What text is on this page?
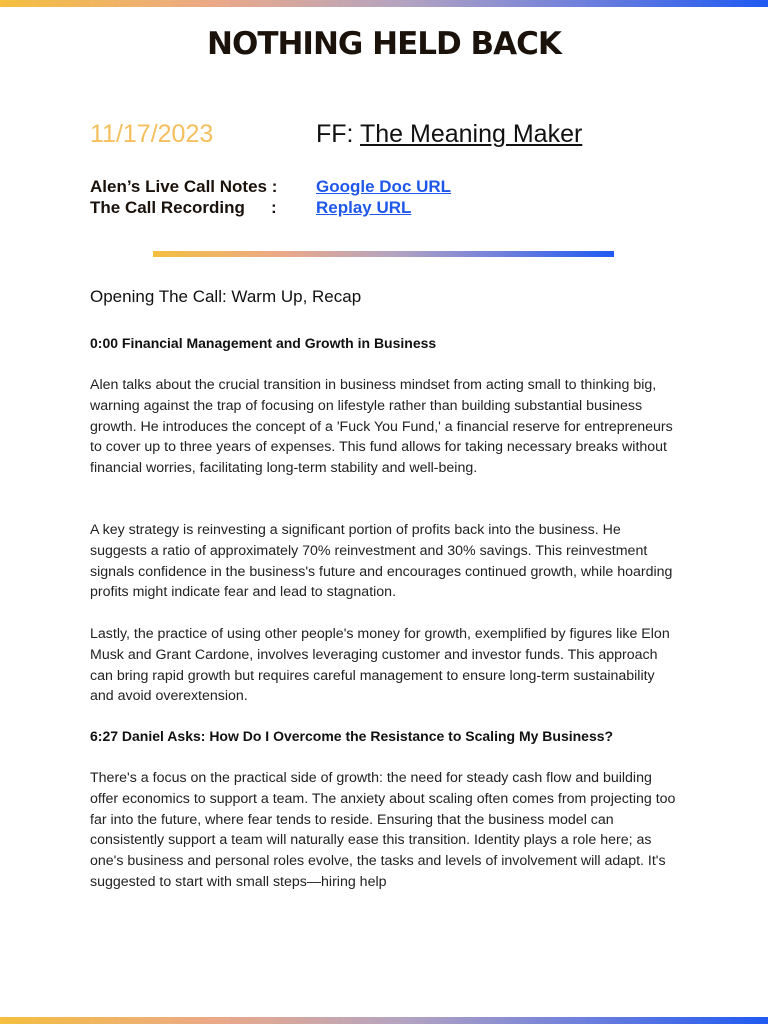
NOTHING HELD BACK
11/17/2023	FF: The Meaning Maker
Alen’s Live Call Notes : Google Doc URL
The Call Recording : Replay URL
Opening The Call: Warm Up, Recap
0:00 Financial Management and Growth in Business

Alen talks about the crucial transition in business mindset from acting small to thinking big, warning against the trap of focusing on lifestyle rather than building substantial business growth. He introduces the concept of a 'Fuck You Fund,' a financial reserve for entrepreneurs to cover up to three years of expenses. This fund allows for taking necessary breaks without financial worries, facilitating long-term stability and well-being.

A key strategy is reinvesting a significant portion of profits back into the business. He suggests a ratio of approximately 70% reinvestment and 30% savings. This reinvestment signals confidence in the business's future and encourages continued growth, while hoarding profits might indicate fear and lead to stagnation.

Lastly, the practice of using other people's money for growth, exemplified by figures like Elon Musk and Grant Cardone, involves leveraging customer and investor funds. This approach can bring rapid growth but requires careful management to ensure long-term sustainability and avoid overextension.

6:27 Daniel Asks: How Do I Overcome the Resistance to Scaling My Business?

There's a focus on the practical side of growth: the need for steady cash flow and building offer economics to support a team. The anxiety about scaling often comes from projecting too far into the future, where fear tends to reside. Ensuring that the business model can consistently support a team will naturally ease this transition. Identity plays a role here; as one's business and personal roles evolve, the tasks and levels of involvement will adapt. It's suggested to start with small steps—hiring help
